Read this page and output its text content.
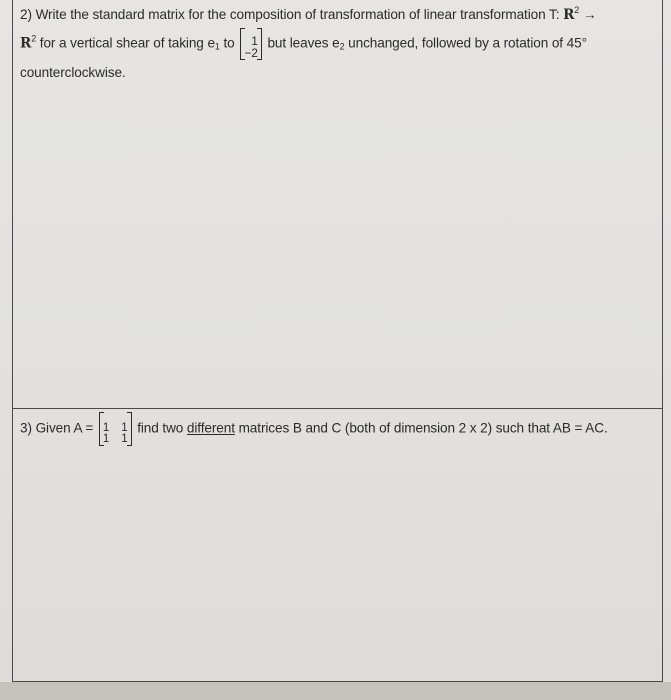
2) Write the standard matrix for the composition of transformation of linear transformation T: $R^2$ →
$R^2$ for a vertical shear of taking $e_1$ to 1
−2
but leaves $e_2$ unchanged, followed by a rotation of 45°
counterclockwise.
3) Given A = 1 1
1 1
find two different matrices B and C (both of dimension 2 x 2) such that AB = AC.
